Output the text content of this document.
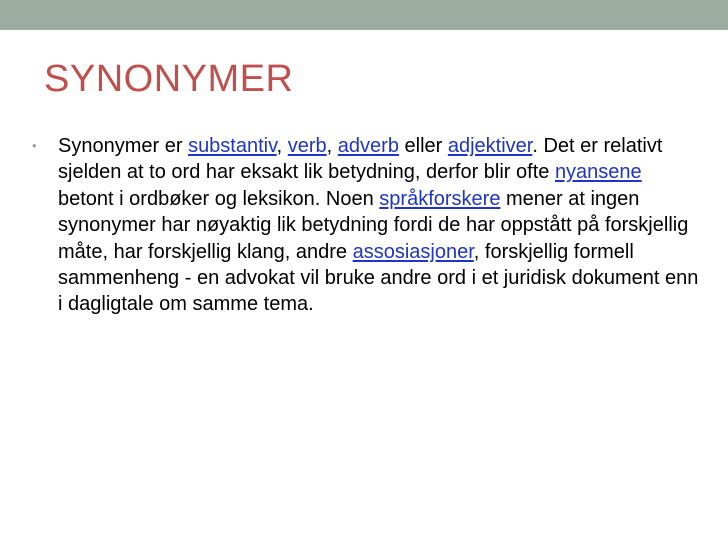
SYNONYMER
•	Synonymer er substantiv, verb, adverb eller adjektiver. Det er relativt sjelden at to ord har eksakt lik betydning, derfor blir ofte nyansene betont i ordbøker og leksikon. Noen språkforskere mener at ingen synonymer har nøyaktig lik betydning fordi de har oppstått på forskjellig måte, har forskjellig klang, andre assosiasjoner, forskjellig formell sammenheng - en advokat vil bruke andre ord i et juridisk dokument enn i dagligtale om samme tema.
